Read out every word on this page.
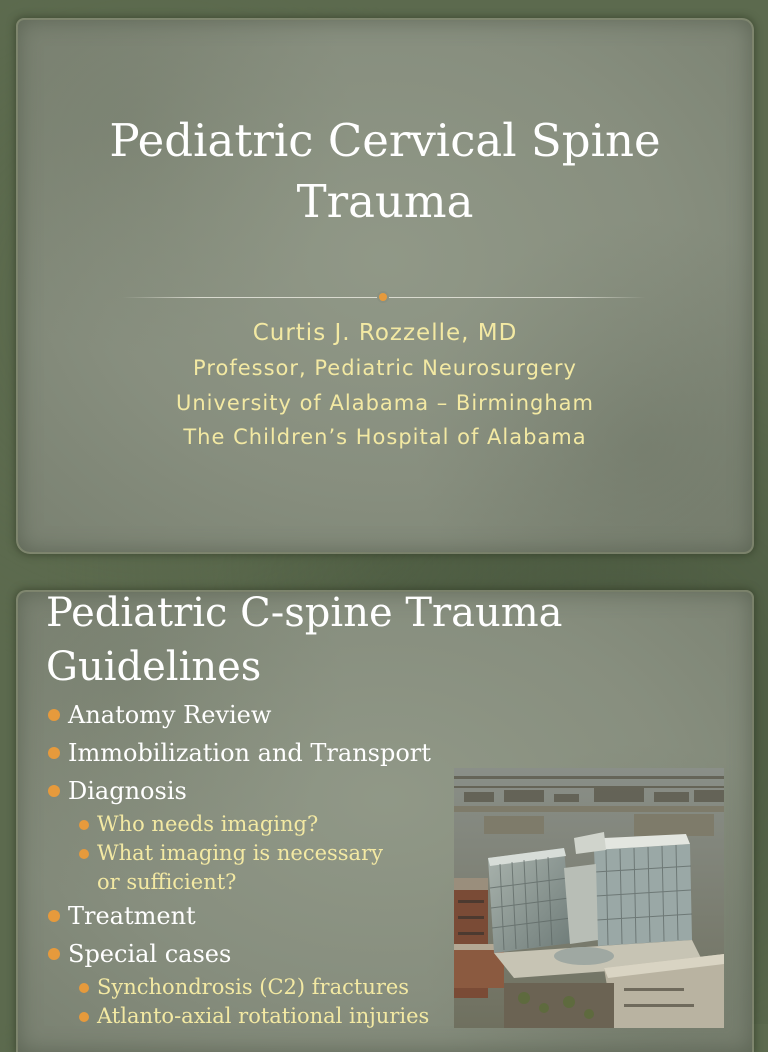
Pediatric Cervical Spine Trauma
Curtis J. Rozzelle, MD
Professor, Pediatric Neurosurgery
University of Alabama – Birmingham
The Children’s Hospital of Alabama
Pediatric C-spine Trauma Guidelines
Anatomy Review
Immobilization and Transport
Diagnosis
Who needs imaging?
What imaging is necessary or sufficient?
Treatment
Special cases
Synchondrosis (C2) fractures
Atlanto-axial rotational injuries
